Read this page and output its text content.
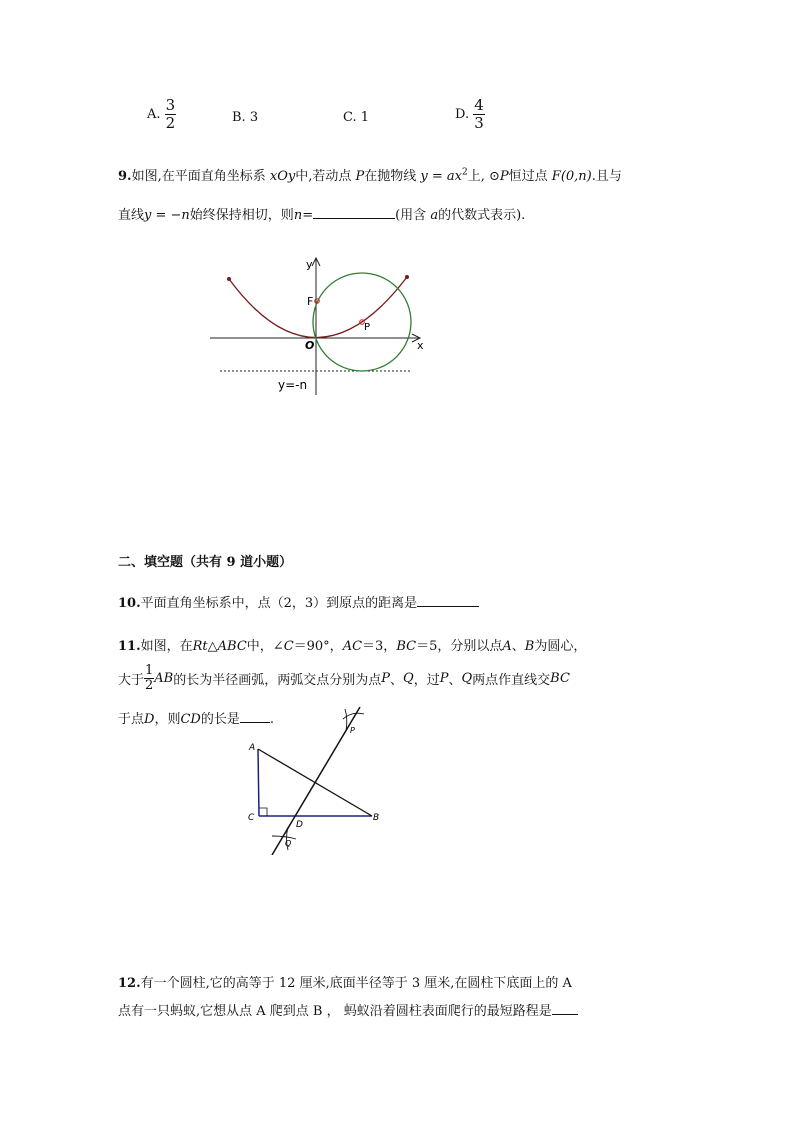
A. $\frac{3}{2}$	B. 3	C. 1	D. $\frac{4}{3}$
9.如图,在平面直角坐标系 xOy中,若动点 P在抛物线 $y = ax^2$上, ⊙P恒过点 F(0,n).且与
直线y = −n始终保持相切，则n=	(用含 a的代数式表示).
y
x
F
P
O
y=-n
二、填空题（共有 9 道小题）
10.平面直角坐标系中，点（2，3）到原点的距离是
11.如图，在Rt△ABC中，∠C＝90°，AC＝3，BC＝5，分别以点A、B为圆心，
大于 $\frac{1}{2}$ AB的长为半径画弧，两弧交点分别为点P、Q，过P、Q两点作直线交BC
于点D，则CD的长是 .
A
C	B
D
P
Q
12.有一个圆柱,它的高等于 12 厘米,底面半径等于 3 厘米,在圆柱下底面上的 A
点有一只蚂蚁,它想从点 A 爬到点 B ， 蚂蚁沿着圆柱表面爬行的最短路程是
